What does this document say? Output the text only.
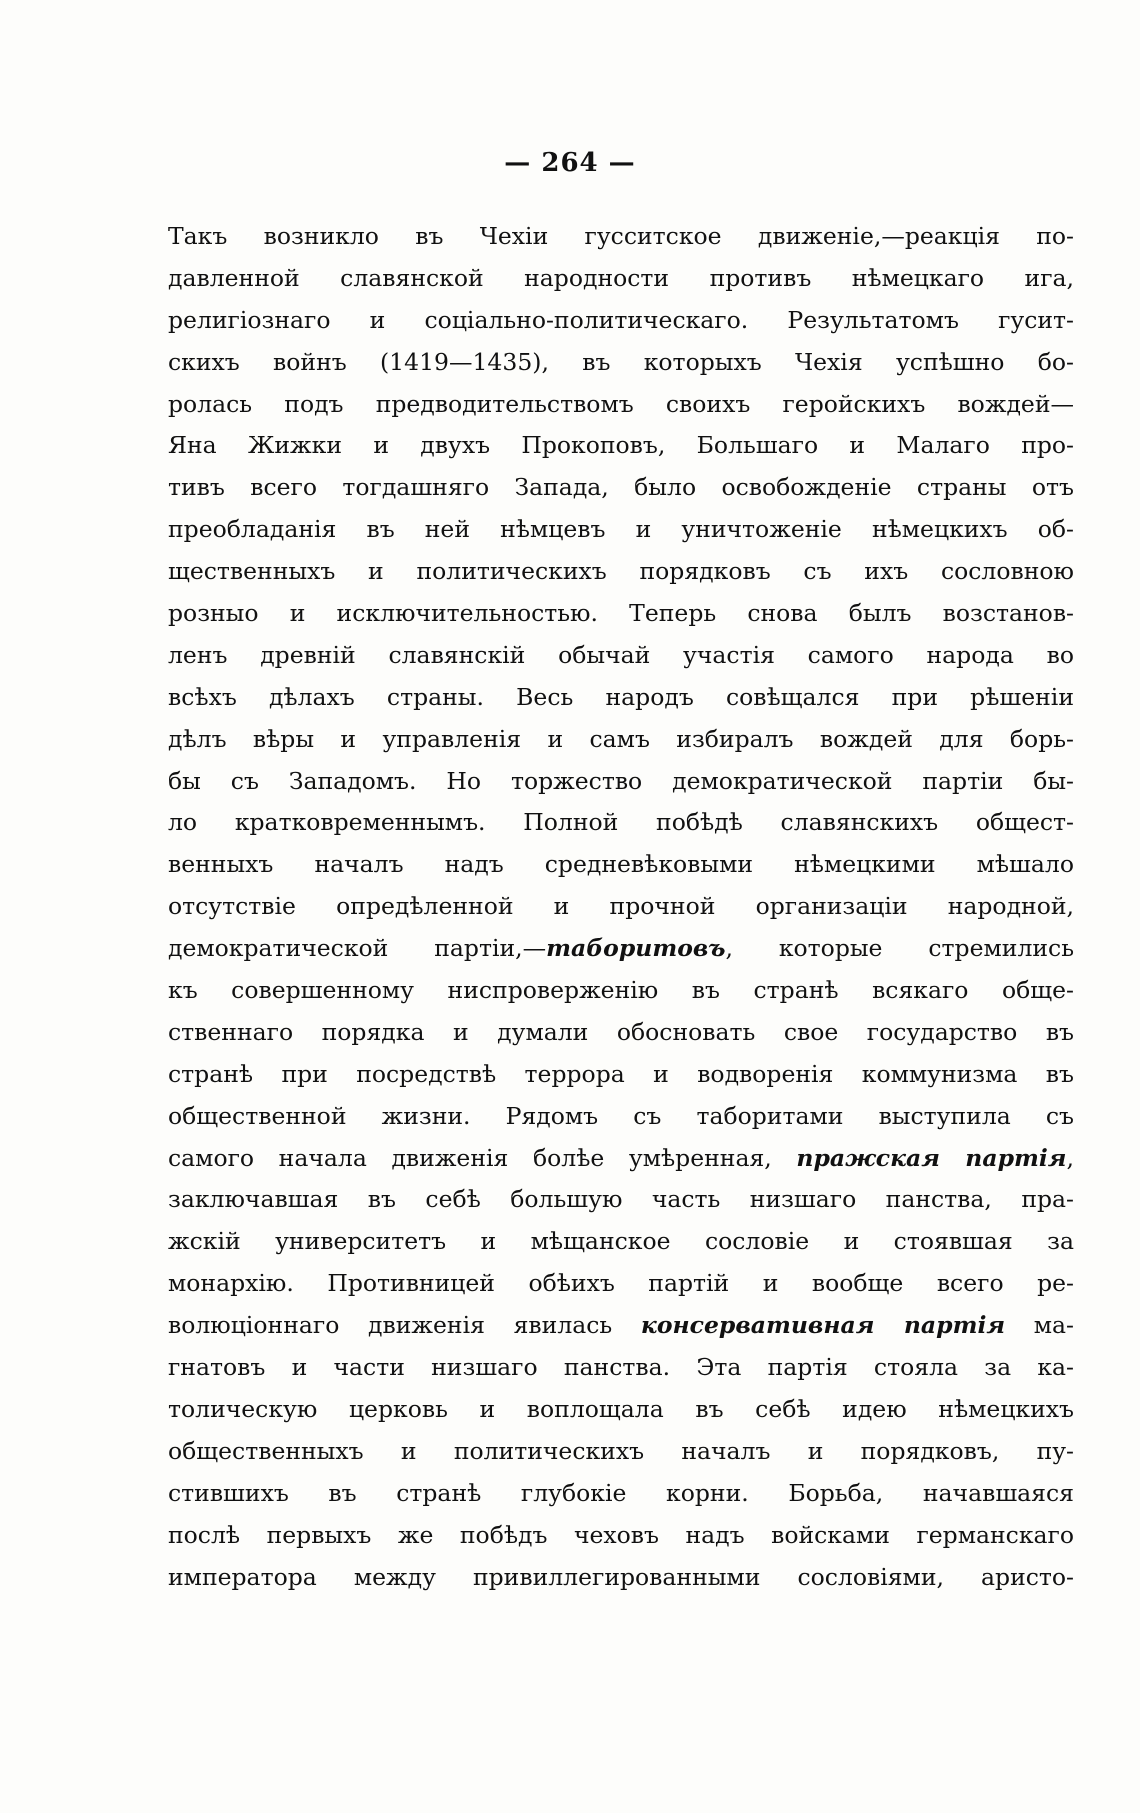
— 264 —
Такъ возникло въ Чехіи гусситское движеніе,—реакція по-
давленной славянской народности противъ нѣмецкаго ига,
религіознаго и соціально-политическаго. Результатомъ гусит-
скихъ войнъ (1419—1435), въ которыхъ Чехія успѣшно бо-
ролась подъ предводительствомъ своихъ геройскихъ вождей—
Яна Жижки и двухъ Прокоповъ, Большаго и Малаго про-
тивъ всего тогдашняго Запада, было освобожденіе страны отъ
преобладанія въ ней нѣмцевъ и уничтоженіе нѣмецкихъ об-
щественныхъ и политическихъ порядковъ съ ихъ сословною
розныо и исключительностью. Теперь снова былъ возстанов-
ленъ древній славянскій обычай участія самого народа во
всѣхъ дѣлахъ страны. Весь народъ совѣщался при рѣшеніи
дѣлъ вѣры и управленія и самъ избиралъ вождей для борь-
бы съ Западомъ. Но торжество демократической партіи бы-
ло кратковременнымъ. Полной побѣдѣ славянскихъ общест-
венныхъ началъ надъ средневѣковыми нѣмецкими мѣшало
отсутствіе опредѣленной и прочной организаціи народной,
демократической партіи,—таборитовъ, которые стремились
къ совершенному ниспроверженію въ странѣ всякаго обще-
ственнаго порядка и думали обосновать свое государство въ
странѣ при посредствѣ террора и водворенія коммунизма въ
общественной жизни. Рядомъ съ таборитами выступила съ
самого начала движенія болѣе умѣренная, пражская партія,
заключавшая въ себѣ большую часть низшаго панства, пра-
жскій университетъ и мѣщанское сословіе и стоявшая за
монархію. Противницей обѣихъ партій и вообще всего ре-
волюціоннаго движенія явилась консервативная партія ма-
гнатовъ и части низшаго панства. Эта партія стояла за ка-
толическую церковь и воплощала въ себѣ идею нѣмецкихъ
общественныхъ и политическихъ началъ и порядковъ, пу-
стившихъ въ странѣ глубокіе корни. Борьба, начавшаяся
послѣ первыхъ же побѣдъ чеховъ надъ войсками германскаго
императора между привиллегированными сословіями, аристо-
